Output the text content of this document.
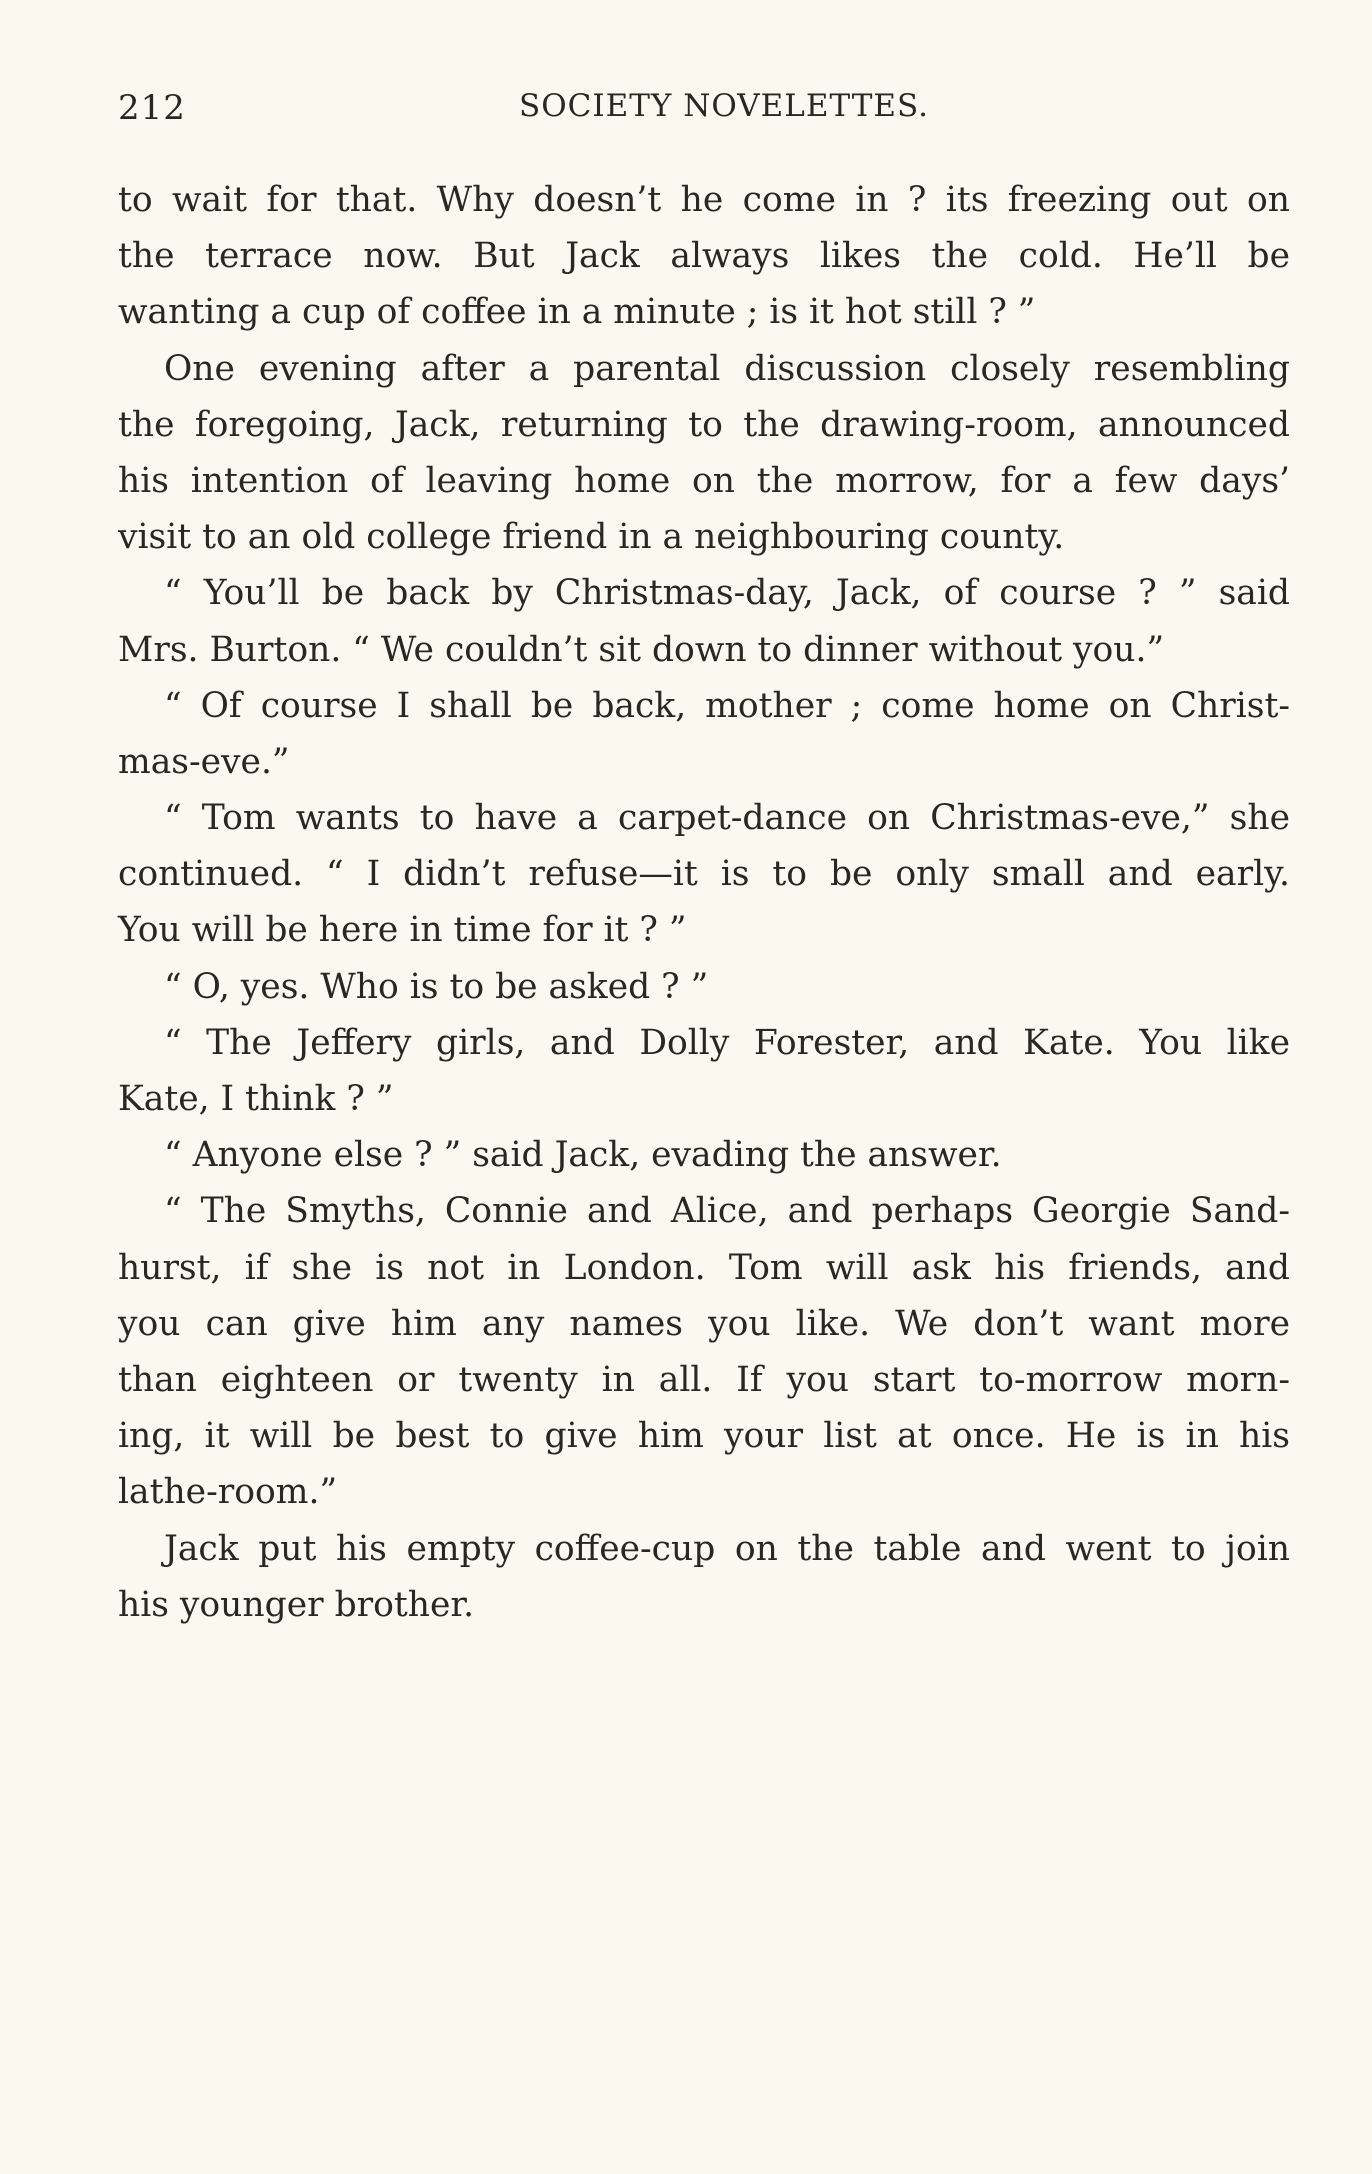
212	SOCIETY NOVELETTES.
to wait for that. Why doesn’t he come in ? its freezing out on
the terrace now. But Jack always likes the cold. He’ll be
wanting a cup of coffee in a minute ; is it hot still ? ”
One evening after a parental discussion closely resembling
the foregoing, Jack, returning to the drawing-room, announced
his intention of leaving home on the morrow, for a few days’
visit to an old college friend in a neighbouring county.
“ You’ll be back by Christmas-day, Jack, of course ? ” said
Mrs. Burton. “ We couldn’t sit down to dinner without you.”
“ Of course I shall be back, mother ; come home on Christ-
mas-eve.”
“ Tom wants to have a carpet-dance on Christmas-eve,” she
continued. “ I didn’t refuse—it is to be only small and early.
You will be here in time for it ? ”
“ O, yes. Who is to be asked ? ”
“ The Jeffery girls, and Dolly Forester, and Kate. You like
Kate, I think ? ”
“ Anyone else ? ” said Jack, evading the answer.
“ The Smyths, Connie and Alice, and perhaps Georgie Sand-
hurst, if she is not in London. Tom will ask his friends, and
you can give him any names you like. We don’t want more
than eighteen or twenty in all. If you start to-morrow morn-
ing, it will be best to give him your list at once. He is in his
lathe-room.”
Jack put his empty coffee-cup on the table and went to join
his younger brother.
